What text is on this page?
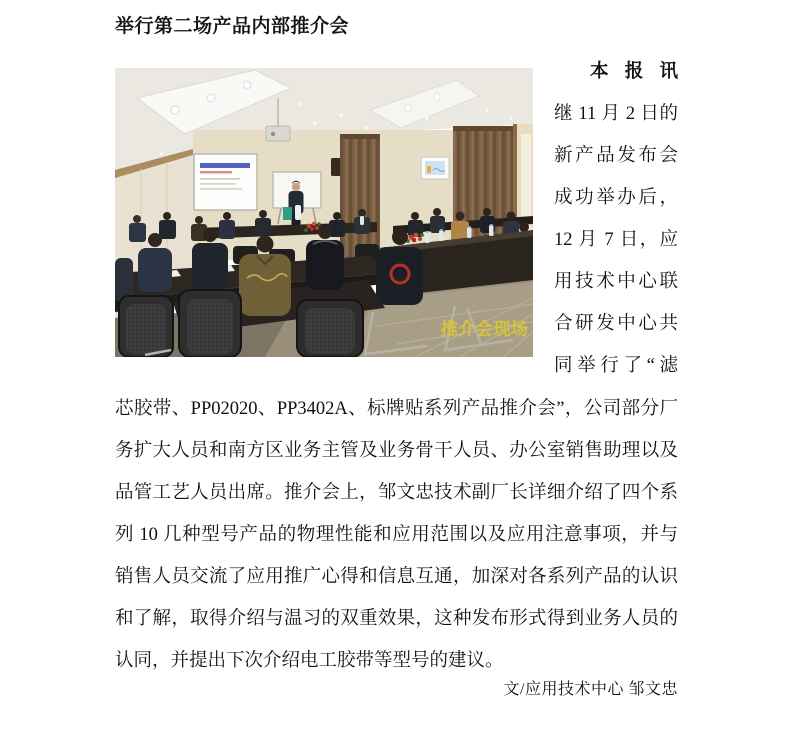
举行第二场产品内部推介会
推介会现场
本报讯
继 11 月 2 日的
新产品发布会
成功举办后，
12 月 7 日，应
用技术中心联
合研发中心共
同举行了“滤
芯胶带、PP02020、PP3402A、标牌贴系列产品推介会”，公司部分厂
务扩大人员和南方区业务主管及业务骨干人员、办公室销售助理以及
品管工艺人员出席。推介会上，邹文忠技术副厂长详细介绍了四个系
列 10 几种型号产品的物理性能和应用范围以及应用注意事项，并与
销售人员交流了应用推广心得和信息互通，加深对各系列产品的认识
和了解，取得介绍与温习的双重效果，这种发布形式得到业务人员的
认同，并提出下次介绍电工胶带等型号的建议。
文/应用技术中心 邹文忠
